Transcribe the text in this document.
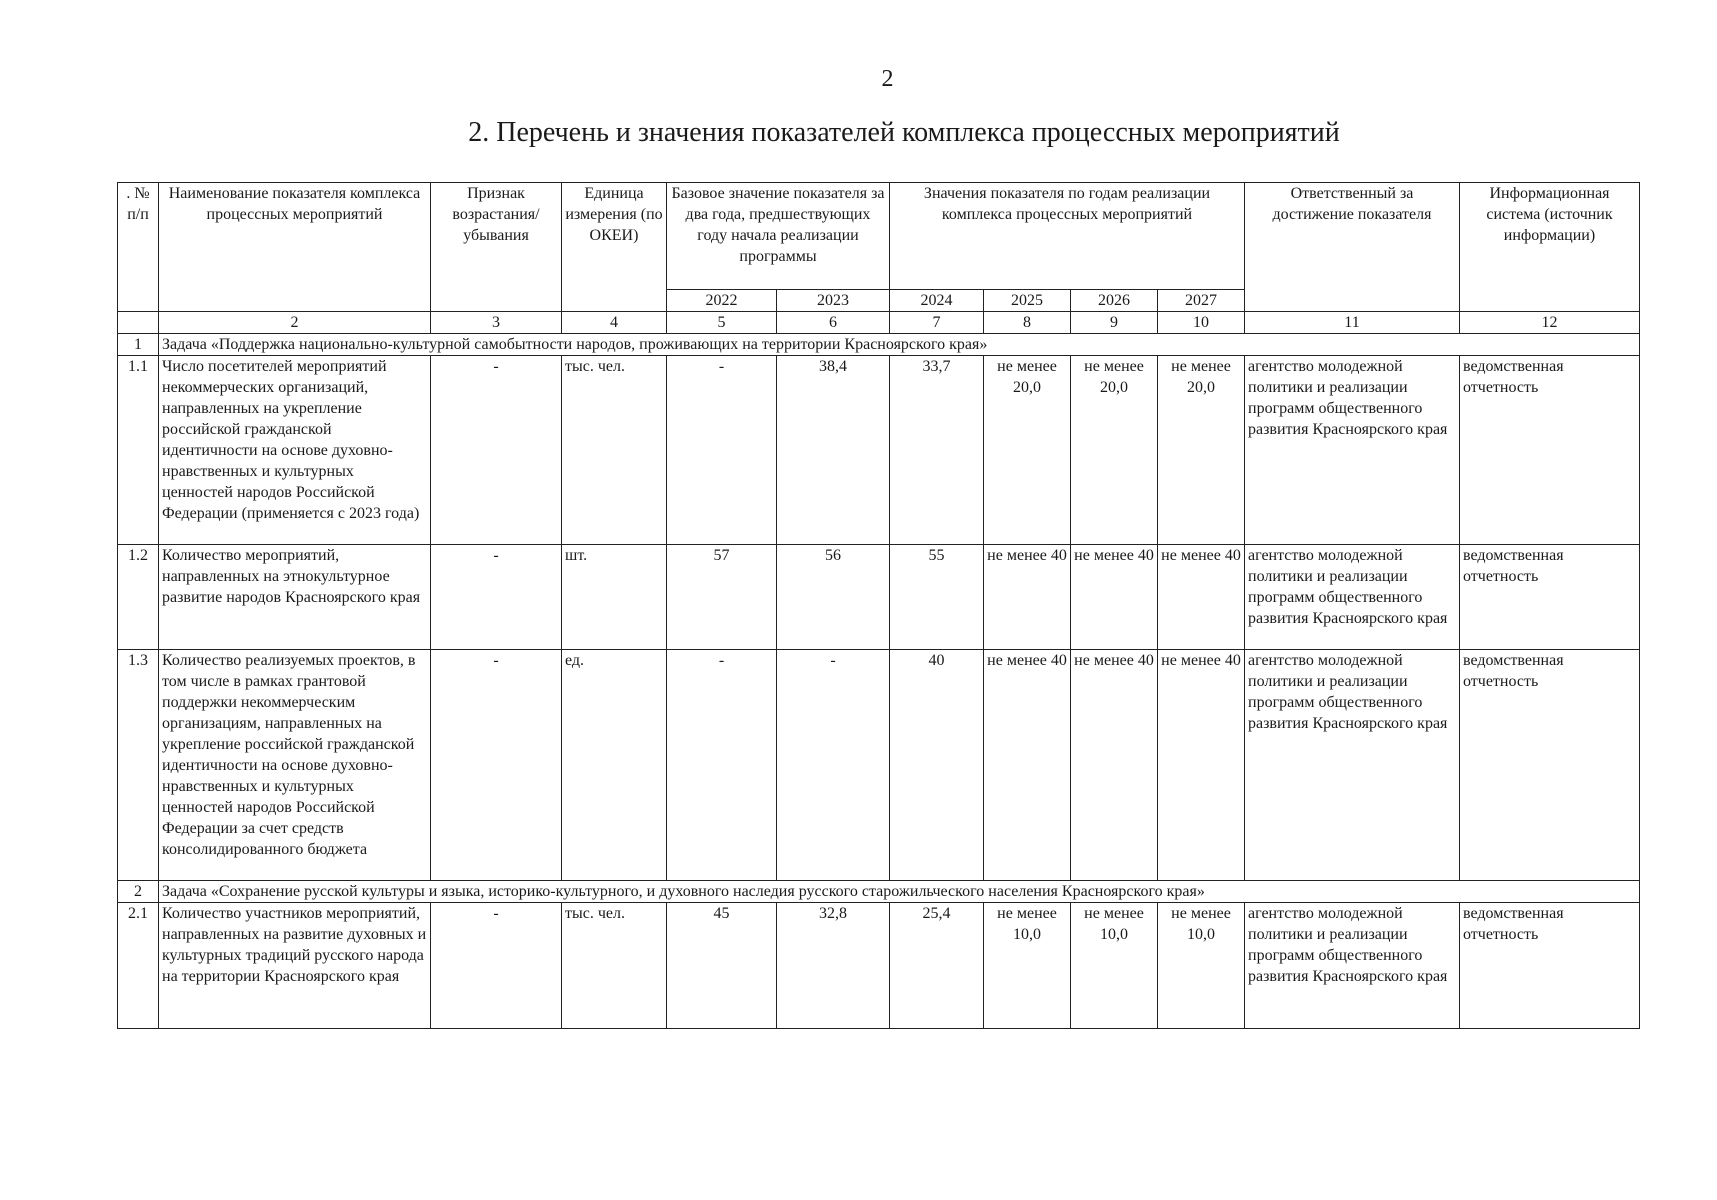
2
2. Перечень и значения показателей комплекса процессных мероприятий
. №
п/п	Наименование показателя комплекса процессных мероприятий	Признак возрастания/ убывания	Единица измерения (по ОКЕИ)	Базовое значение показателя за два года, предшествующих году начала реализации программы		Значения показателя по годам реализации комплекса процессных мероприятий				Ответственный за достижение показателя	Информационная система (источник информации)
				2022	2023	2024	2025	2026	2027		
	2	3	4	5	6	7	8	9	10	11	12
1	Задача «Поддержка национально-культурной самобытности народов, проживающих на территории Красноярского края»										
1.1	Число посетителей мероприятий некоммерческих организаций, направленных на укрепление российской гражданской идентичности на основе духовно-нравственных и культурных ценностей народов Российской Федерации (применяется с 2023 года)	-	тыс. чел.	-	38,4	33,7	не менее 20,0	не менее 20,0	не менее 20,0	агентство молодежной политики и реализации программ общественного развития Красноярского края	ведомственная отчетность
1.2	Количество мероприятий, направленных на этнокультурное развитие народов Красноярского края	-	шт.	57	56	55	не менее 40	не менее 40	не менее 40	агентство молодежной политики и реализации программ общественного развития Красноярского края	ведомственная отчетность
1.3	Количество реализуемых проектов, в том числе в рамках грантовой поддержки некоммерческим организациям, направленных на укрепление российской гражданской идентичности на основе духовно-нравственных и культурных ценностей народов Российской Федерации за счет средств консолидированного бюджета	-	ед.	-	-	40	не менее 40	не менее 40	не менее 40	агентство молодежной политики и реализации программ общественного развития Красноярского края	ведомственная отчетность
2	Задача «Сохранение русской культуры и языка, историко-культурного, и духовного наследия русского старожильческого населения Красноярского края»										
2.1	Количество участников мероприятий, направленных на развитие духовных и культурных традиций русского народа на территории Красноярского края	-	тыс. чел.	45	32,8	25,4	не менее 10,0	не менее 10,0	не менее 10,0	агентство молодежной политики и реализации программ общественного развития Красноярского края	ведомственная отчетность
